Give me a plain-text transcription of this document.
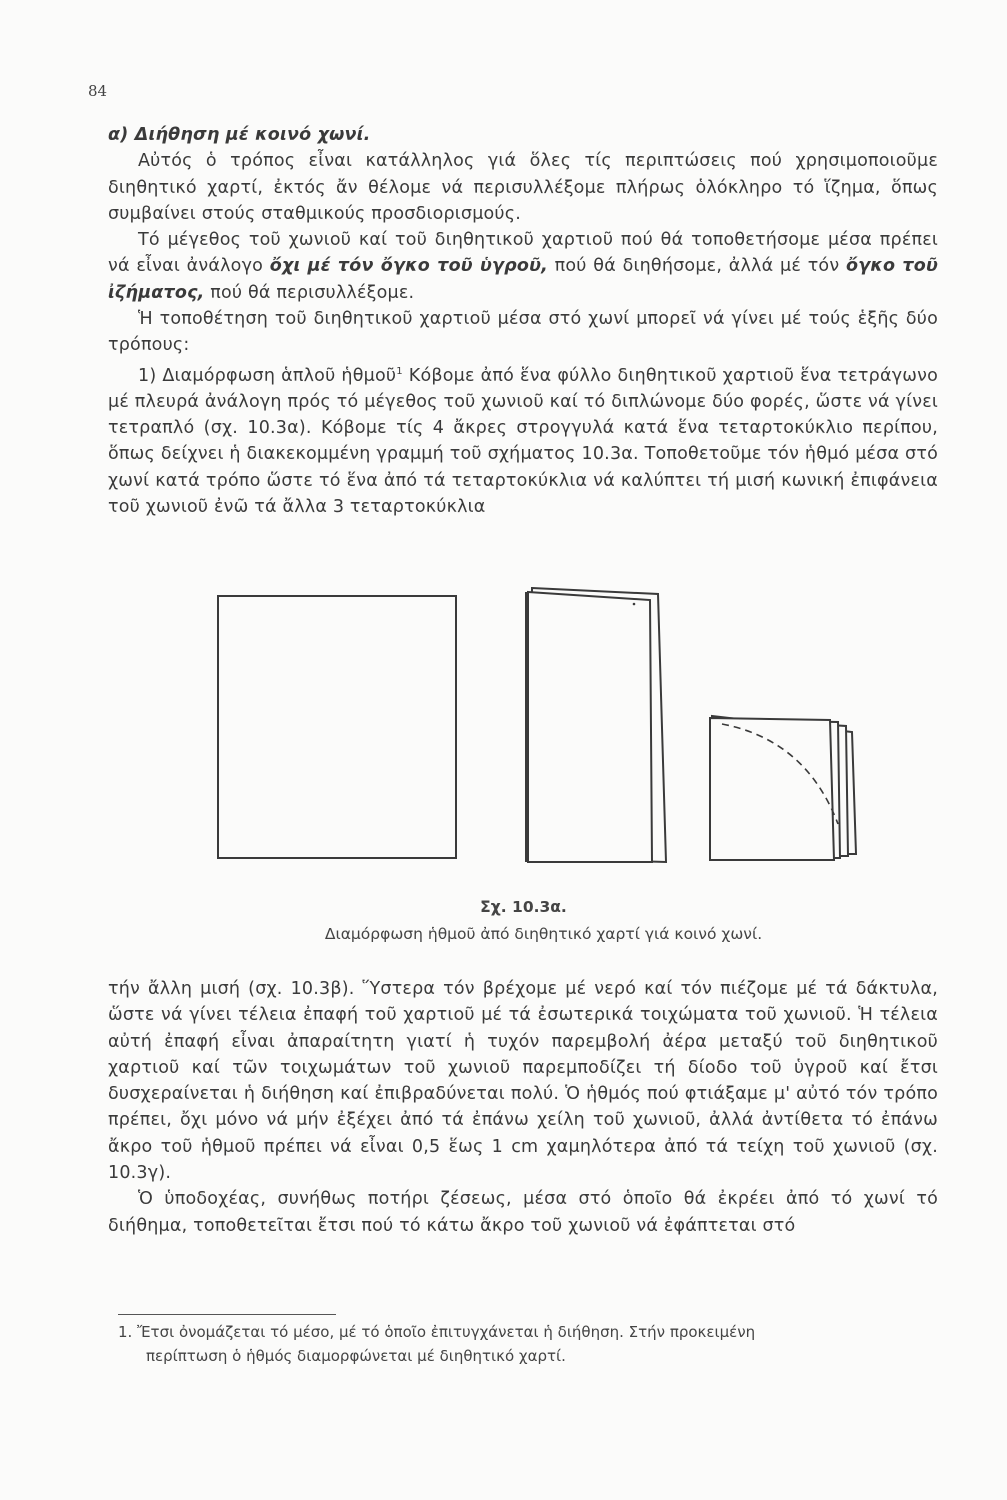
84

α) Διήθηση μέ κοινό χωνί.

Αὐτός ὁ τρόπος εἶναι κατάλληλος γιά ὅλες τίς περιπτώσεις πού χρησιμοποιοῦμε διηθητικό χαρτί, ἐκτός ἄν θέλομε νά περισυλλέξομε πλήρως ὁλόκληρο τό ἵζημα, ὅπως συμβαίνει στούς σταθμικούς προσδιορισμούς.

Τό μέγεθος τοῦ χωνιοῦ καί τοῦ διηθητικοῦ χαρτιοῦ πού θά τοποθετήσομε μέσα πρέπει νά εἶναι ἀνάλογο ὄχι μέ τόν ὄγκο τοῦ ὑγροῦ, πού θά διηθήσομε, ἀλλά μέ τόν ὄγκο τοῦ ἰζήματος, πού θά περισυλλέξομε.

Ἡ τοποθέτηση τοῦ διηθητικοῦ χαρτιοῦ μέσα στό χωνί μπορεῖ νά γίνει μέ τούς ἑξῆς δύο τρόπους:

1) Διαμόρφωση ἁπλοῦ ἡθμοῦ$^1$ Κόβομε ἀπό ἕνα φύλλο διηθητικοῦ χαρτιοῦ ἕνα τετράγωνο μέ πλευρά ἀνάλογη πρός τό μέγεθος τοῦ χωνιοῦ καί τό διπλώνομε δύο φορές, ὥστε νά γίνει τετραπλό (σχ. 10.3α). Κόβομε τίς 4 ἄκρες στρογγυλά κατά ἕνα τεταρτοκύκλιο περίπου, ὅπως δείχνει ἡ διακεκομμένη γραμμή τοῦ σχήματος 10.3α. Τοποθετοῦμε τόν ἡθμό μέσα στό χωνί κατά τρόπο ὥστε τό ἕνα ἀπό τά τεταρτοκύκλια νά καλύπτει τή μισή κωνική ἐπιφάνεια τοῦ χωνιοῦ ἐνῶ τά ἄλλα 3 τεταρτοκύκλια

Σχ. 10.3α.
Διαμόρφωση ἡθμοῦ ἀπό διηθητικό χαρτί γιά κοινό χωνί.

τήν ἄλλη μισή (σχ. 10.3β). Ὕστερα τόν βρέχομε μέ νερό καί τόν πιέζομε μέ τά δάκτυλα, ὥστε νά γίνει τέλεια ἐπαφή τοῦ χαρτιοῦ μέ τά ἐσωτερικά τοιχώματα τοῦ χωνιοῦ. Ἡ τέλεια αὐτή ἐπαφή εἶναι ἀπαραίτητη γιατί ἡ τυχόν παρεμβολή ἀέρα μεταξύ τοῦ διηθητικοῦ χαρτιοῦ καί τῶν τοιχωμάτων τοῦ χωνιοῦ παρεμποδίζει τή δίοδο τοῦ ὑγροῦ καί ἔτσι δυσχεραίνεται ἡ διήθηση καί ἐπιβραδύνεται πολύ. Ὁ ἡθμός πού φτιάξαμε μ' αὐτό τόν τρόπο πρέπει, ὄχι μόνο νά μήν ἐξέχει ἀπό τά ἐπάνω χείλη τοῦ χωνιοῦ, ἀλλά ἀντίθετα τό ἐπάνω ἄκρο τοῦ ἡθμοῦ πρέπει νά εἶναι 0,5 ἕως 1 cm χαμηλότερα ἀπό τά τείχη τοῦ χωνιοῦ (σχ. 10.3γ).

Ὁ ὑποδοχέας, συνήθως ποτήρι ζέσεως, μέσα στό ὁποῖο θά ἐκρέει ἀπό τό χωνί τό διήθημα, τοποθετεῖται ἔτσι πού τό κάτω ἄκρο τοῦ χωνιοῦ νά ἐφάπτεται στό

1. Ἔτσι ὀνομάζεται τό μέσο, μέ τό ὁποῖο ἐπιτυγχάνεται ἡ διήθηση. Στήν προκειμένη
περίπτωση ὁ ἡθμός διαμορφώνεται μέ διηθητικό χαρτί.
